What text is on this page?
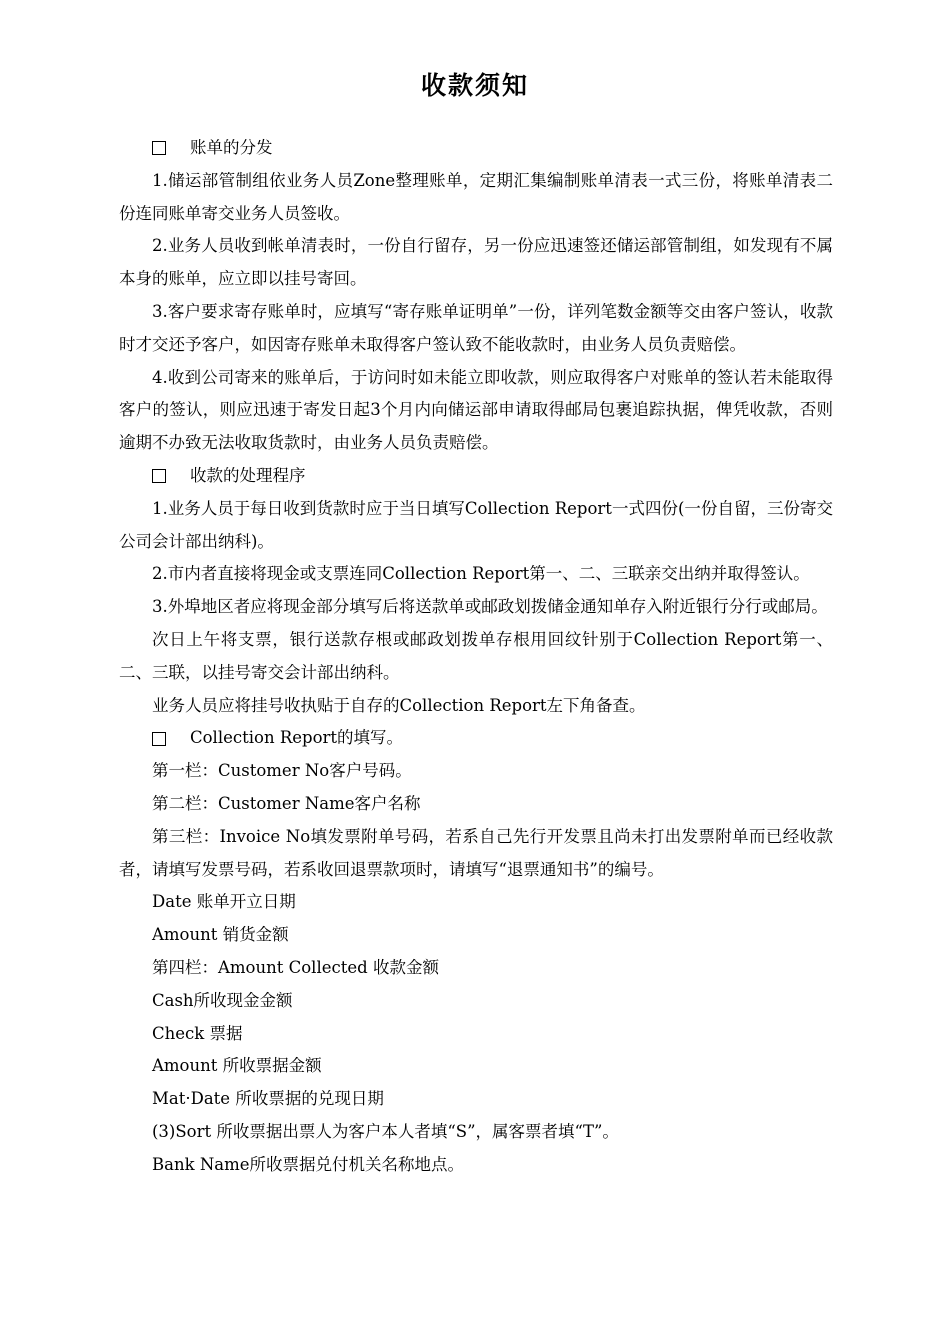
收款须知
账单的分发

1.储运部管制组依业务人员Zone整理账单，定期汇集编制账单清表一式三份，将账单清表二份连同账单寄交业务人员签收。

2.业务人员收到帐单清表时，一份自行留存，另一份应迅速签还储运部管制组，如发现有不属本身的账单，应立即以挂号寄回。

3.客户要求寄存账单时，应填写“寄存账单证明单”一份，详列笔数金额等交由客户签认，收款时才交还予客户，如因寄存账单未取得客户签认致不能收款时，由业务人员负责赔偿。

4.收到公司寄来的账单后，于访问时如未能立即收款，则应取得客户对账单的签认若未能取得客户的签认，则应迅速于寄发日起3个月内向储运部申请取得邮局包裹追踪执据，俾凭收款，否则逾期不办致无法收取货款时，由业务人员负责赔偿。

收款的处理程序

1.业务人员于每日收到货款时应于当日填写Collection Report一式四份(一份自留，三份寄交公司会计部出纳科)。

2.市内者直接将现金或支票连同Collection Report第一、二、三联亲交出纳并取得签认。

3.外埠地区者应将现金部分填写后将送款单或邮政划拨储金通知单存入附近银行分行或邮局。

次日上午将支票，银行送款存根或邮政划拨单存根用回纹针别于Collection Report第一、二、三联，以挂号寄交会计部出纳科。

业务人员应将挂号收执贴于自存的Collection Report左下角备查。

Collection Report的填写。

第一栏：Customer No客户号码。

第二栏：Customer Name客户名称

第三栏：Invoice No填发票附单号码，若系自己先行开发票且尚未打出发票附单而已经收款者，请填写发票号码，若系收回退票款项时，请填写“退票通知书”的编号。

Date 账单开立日期

Amount 销货金额

第四栏：Amount Collected 收款金额

Cash所收现金金额

Check 票据

Amount 所收票据金额

Mat·Date 所收票据的兑现日期

(3)Sort 所收票据出票人为客户本人者填“S”，属客票者填“T”。

Bank Name所收票据兑付机关名称地点。
